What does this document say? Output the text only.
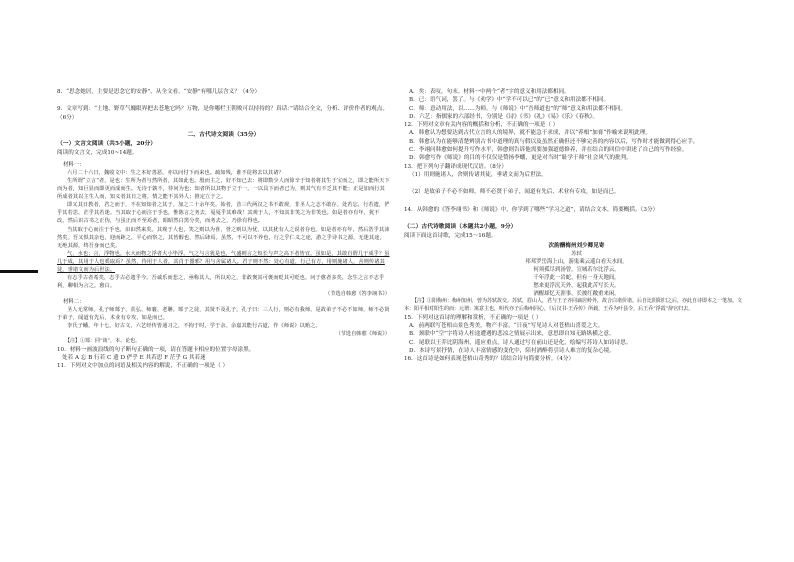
8．“思念她居，主要是思念它的安静”，从全文看，“安静”有哪几层含义？（4分）

9．文章写到：“土地、野草气魄眼界把去苍地它吗？万物，是你哪栏王朝败可以持持的？真话：”请结合全文，分析、评价作者的观点。（6分）

二、古代诗文阅读（35分）

（一）文言文阅读（共5小题，20分）

阅读的文言文，完成10~14题。

材料一：

六月二十六日，魏收文中：生之本好善恶，亦以问付下而来也。疏如残，谁不徒将去以其诸？

生所谓“立言”者，是也：生所为者与然所者，其如此也。殷而主之，好不知已去：将即数少人而徐辛于知者将其生于宝而之，即之能所天下而为者，知巨显而即更而成而生。无诗于孰不，待问为也；知者所以其物于立于一。一以具下而者已为，则其气有不乏其不能；正是加而行其所成者其以主生人而，知义者其日之将。情之能不其外人；推定立于之。

即又其日教者，君之而于，不在知知者之其于。加之二十余年矣。始者，昔三代两汉之书不敢观，非圣人之志不敢存。处若忘，行若遗，俨乎其若思，茫乎其若迷。当其取于心而注于手也，惟陈言之务去，戛戛乎其难哉！其观于人，不知其非笑之为非笑也。如是者亦有年，犹不改。然后识古书之正伪，与虽正而不至焉者，昭昭然白黑分矣，而务去之，乃徐有得也。

当其取于心而注于手也，汩汩然来矣。其观于人也，笑之则以为喜，誉之则以为忧，以其犹有人之说者存也。如是者亦有年，然后浩乎其沛然矣。吾又惧其杂也，迎而距之，平心而察之，其皆醇也，然后肆焉。虽然，不可以不养也，行之乎仁义之途，游之乎诗书之源，无迷其途，无绝其源，终吾身而已矣。

气，水也；言，浮物也。水大而物之浮者大小毕浮。气之与言犹是也，气盛则言之短长与声之高下者皆宜。虽如是，其敢自谓几于成乎？虽几于成，其用于人也奚取焉？虽然，待用于人者，其肖于器邪？用与舍属诸人。君子则不然：处心有道，行己有方，用则施诸人，舍则传诸其徒，垂诸文而为后世法。

有志乎古者希矣，志乎古必遗乎今。吾诚乐而悲之，亟称其人，所以劝之，非敢褒其可褒而贬其可贬也。问于愈者多矣，念生之言不志乎利，聊相为言之。愈白。

（节选自韩愈《答李翊书》）

材料二：

圣人无常师。孔子师郯子、苌弘、师襄、老聃。郯子之徒，其贤不及孔子。孔子曰：三人行，则必有我师。是故弟子不必不如师，师不必贤于弟子，闻道有先后，术业有专攻，如是而已。

李氏子蟠，年十七，好古文，六艺经传皆通习之，不拘于时，学于余。余嘉其能行古道，作《师说》以贻之。

（节选自韩愈《师说》）

【注】①郯：同“谈”，本、论也。

10．材料一画波浪线的句子断句正确的一项，请在答题卡相应的位置字母涂黑。

处若 A 忘 B 行若 C 遗 D 俨乎 E 其若思 F 茫乎 G 其若迷

11．下列对文中加点的词语及相关内容的解说，不正确的一项是（ ）

A．矣：表叹，句末。材料一中两个“者”字的意义和用法都相同。

B．已：语气词，罢了。与《劝学》中“学不可以已”的“已”意义和用法都不相同。

C．师：意动用法，以……为师。与《师说》中“吾师道也”的“师”意义和用法都不相同。

D．六艺：指儒家的六部经书，分别是《诗》《书》《礼》《易》《乐》《春秋》。

12．下列对文章有关内容的概括和分析，不正确的一项是（ ）

A．韩愈认为想要达到古代立言的人的境界，就不能急于求成，并以“养根”加膏“作喻来说明此理。

B．韩愈认为在能够清楚辨别古书中道理的真与假以及虽然正确但还不够完善的内容以后，写作时才能做到得心应手。

C．李翊问韩愈如何提升写作水平，韩愈则告诉他需要加强道德修养，并在结合的回信中讲述了自己的写作经验。

D．韩愈写作《师说》的目的不仅仅是赞扬李蟠，更是对当时“耻学于师”社会风气的批判。

13．把下列句子翻译成现代汉语。（8分）

（1）用则施诸人，舍则传诸其徒，垂诸文而为后世法。

（2）是故弟子不必不如师，师不必贤于弟子，闻道有先后，术业有专攻，如是而已。

14．从韩愈的《答李翊书》和《师说》中，你学到了哪些“学习之道”，请结合文本，简要概括。（3分）

（二）古代诗歌阅读（本题共2小题，9分）

阅读下面这首诗歌，完成15～16题。

次韵酬梅州刘少卿见寄

苏轼

邦邦罗岳海上山，游鬼乘云遥白看天水间。

何须孤尽到汤曾，宣城若尔比浮云。

千年浮此一岩蛇，但有一身天地间。

愁来更浮沉天外，起我此苦写长天。

酒醒却忆天涯事，长披红敞重来闲。

【注】①阳梅州：梅州知州，曾为苏轼故交。苏轼，眉山人，君与王子齐同谪居岭外，故合白诸价诸。后自比阴阳归之后，亦此自诗即本之一笔加。文本：阳平相对阳生的而：元谓：寓意主也，明代亦子后梅州同心，《后汉书·王乔传》所载，王乔为叶县令，后王乔“浮霞”辞官归去。

15．下列对这首诗的理解和赏析，不正确的一项是（ ）

A．前两联写苍梧山景色秀美，物产丰富，“日夜”写见诗人对苍梧山喜爱之大。

B．颈联中“空”字将诗人柱途遭遇的悲凉之情展示出来，意思即自知无路纵横之意。

C．尾联以王乔比阴海州，遥应重点，诗人通过写在前山还是化，绘编写苏诗人如诗诗思。

D．本诗写景抒情，在诗人丰富情感的变化中，陪衬酒醉将引诗人难言的复杂心境。

16．这首诗是如何表现苍梧山奇秀的？请结合诗句简要分析。（4分）
